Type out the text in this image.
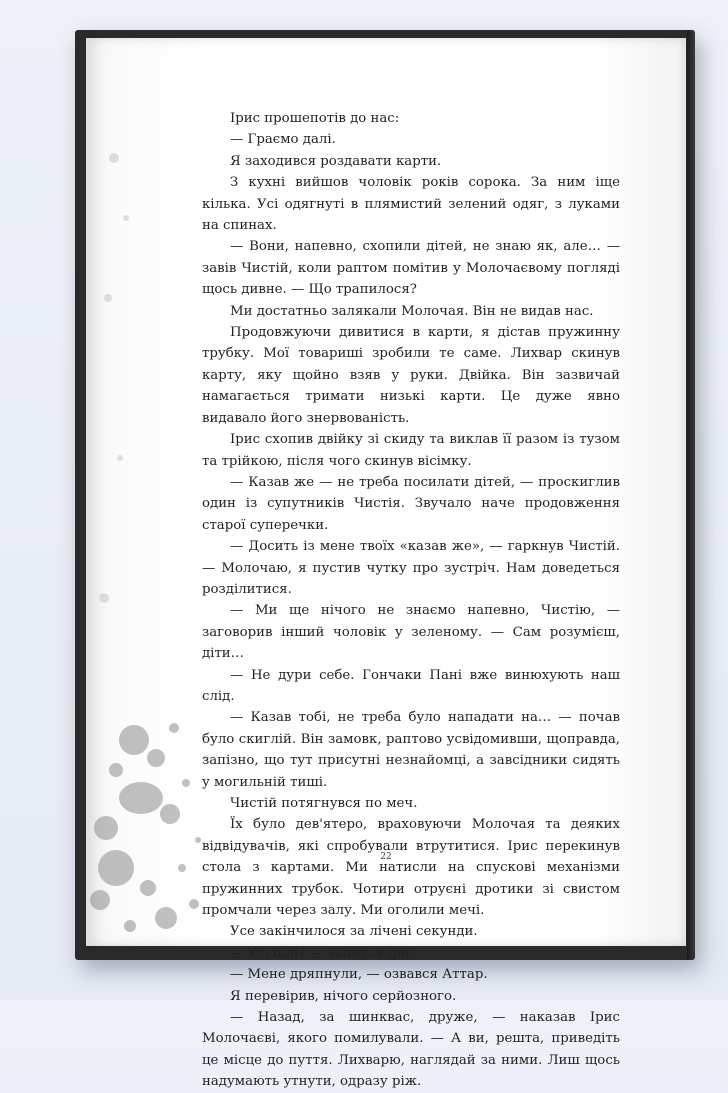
Ірис прошепотів до нас:

— Граємо далі.

Я заходився роздавати карти.

З кухні вийшов чоловік років сорока. За ним іще кілька. Усі одягнуті в плямистий зелений одяг, з луками на спинах.

— Вони, напевно, схопили дітей, не знаю як, але… — завів Чистій, коли раптом помітив у Молочаєвому погляді щось дивне. — Що трапилося?

Ми достатньо залякали Молочая. Він не видав нас.

Продовжуючи дивитися в карти, я дістав пружинну трубку. Мої товариші зробили те саме. Лихвар скинув карту, яку щойно взяв у руки. Двійка. Він зазвичай намагається тримати низькі карти. Це дуже явно видавало його знервованість.

Ірис схопив двійку зі скиду та виклав її разом із тузом та трійкою, після чого скинув вісімку.

— Казав же — не треба посилати дітей, — проскиглив один із супутників Чистія. Звучало наче продовження старої суперечки.

— Досить із мене твоїх «казав же», — гаркнув Чистій. — Молочаю, я пустив чутку про зустріч. Нам доведеться розділитися.

— Ми ще нічого не знаємо напевно, Чистію, — заговорив інший чоловік у зеленому. — Сам розумієш, діти…

— Не дури себе. Гончаки Пані вже винюхують наш слід.

— Казав тобі, не треба було нападати на… — почав було скиглій. Він замовк, раптово усвідомивши, щоправда, запізно, що тут присутні незнайомці, а завсідники сидять у могильній тиші.

Чистій потягнувся по меч.

Їх було дев'ятеро, враховуючи Молочая та деяких відвідувачів, які спробували втрутитися. Ірис перекинув стола з картами. Ми натисли на спускові механізми пружинних трубок. Чотири отруєні дротики зі свистом промчали через залу. Ми оголили мечі.

Усе закінчилося за лічені секунди.

— Усі цілі? — запитав Ірис.

— Мене дряпнули, — озвався Аттар.

Я перевірив, нічого серйозного.

— Назад, за шинквас, друже, — наказав Ірис Молочаєві, якого помилували. — А ви, решта, приведіть це місце до пуття. Лихварю, наглядай за ними. Лиш щось надумають утнути, одразу ріж.

22
